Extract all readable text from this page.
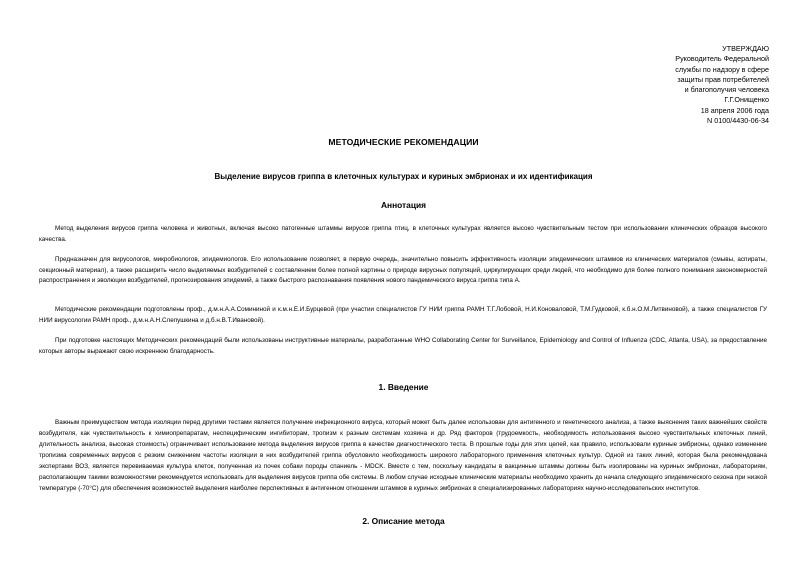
УТВЕРЖДАЮ
Руководитель Федеральной
службы по надзору в сфере
защиты прав потребителей
и благополучия человека
Г.Г.Онищенко
18 апреля 2006 года
N 0100/4430-06-34
МЕТОДИЧЕСКИЕ РЕКОМЕНДАЦИИ
Выделение вирусов гриппа в клеточных культурах и куриных эмбрионах и их идентификация
Аннотация

Метод выделения вирусов гриппа человека и животных, включая высоко патогенные штаммы вирусов гриппа птиц, в клеточных культурах является высоко чувствительным тестом при использовании клинических образцов высокого качества.

Предназначен для вирусологов, микробиологов, эпидемиологов. Его использование позволяет, в первую очередь, значительно повысить эффективность изоляции эпидемических штаммов из клинических материалов (смывы, аспираты, секционный материал), а также расширить число выделяемых возбудителей с составлением более полной картины о природе вирусных популяций, циркулирующих среди людей, что необходимо для более полного понимания закономерностей распространения и эволюции возбудителей, прогнозирования эпидемий, а также быстрого распознавания появления нового пандемического вируса гриппа типа А.

Методические рекомендации подготовлены проф., д.м.н.А.А.Сомининой и к.м.н.Е.И.Бурцевой (при участии специалистов ГУ НИИ гриппа РАМН Т.Г.Лобовой, Н.И.Коноваловой, Т.М.Гудковой, к.б.н.О.М.Литвиновой), а также специалистов ГУ НИИ вирусологии РАМН проф., д.м.н.А.Н.Слепушкина и д.б.н.В.Т.Ивановой).

При подготовке настоящих Методических рекомендаций были использованы инструктивные материалы, разработанные WHO Collaborating Center for Surveillance, Epidemiology and Control of Influenza (CDC, Atlanta, USA), за предоставление которых авторы выражают свою искреннюю благодарность.

1. Введение

Важным преимуществом метода изоляции перед другими тестами является получение инфекционного вируса, который может быть далее использован для антигенного и генетического анализа, а также выяснения таких важнейших свойств возбудителя, как чувствительность к химиопрепаратам, неспецифическим ингибиторам, тропизм к разным системам хозяина и др. Ряд факторов (трудоемкость, необходимость использования высоко чувствительных клеточных линий, длительность анализа, высокая стоимость) ограничивает использование метода выделения вирусов гриппа в качестве диагностического теста. В прошлые годы для этих целей, как правило, использовали куриные эмбрионы, однако изменение тропизма современных вирусов с резким снижением частоты изоляции в них возбудителей гриппа обусловило необходимость широкого лабораторного применения клеточных культур. Одной из таких линий, которая была рекомендована экспертами ВОЗ, является перевиваемая культура клеток, полученная из почек собаки породы спаниель - MDCK. Вместе с тем, поскольку кандидаты в вакцинные штаммы должны быть изолированы на куриных эмбрионах, лабораториям, располагающим такими возможностями рекомендуется использовать для выделения вирусов гриппа обе системы. В любом случае исходные клинические материалы необходимо хранить до начала следующего эпидемического сезона при низкой температуре (-70°С) для обеспечения возможностей выделения наиболее перспективных в антигенном отношении штаммов в куриных эмбрионах в специализированных лабораториях научно-исследовательских институтов.

2. Описание метода
